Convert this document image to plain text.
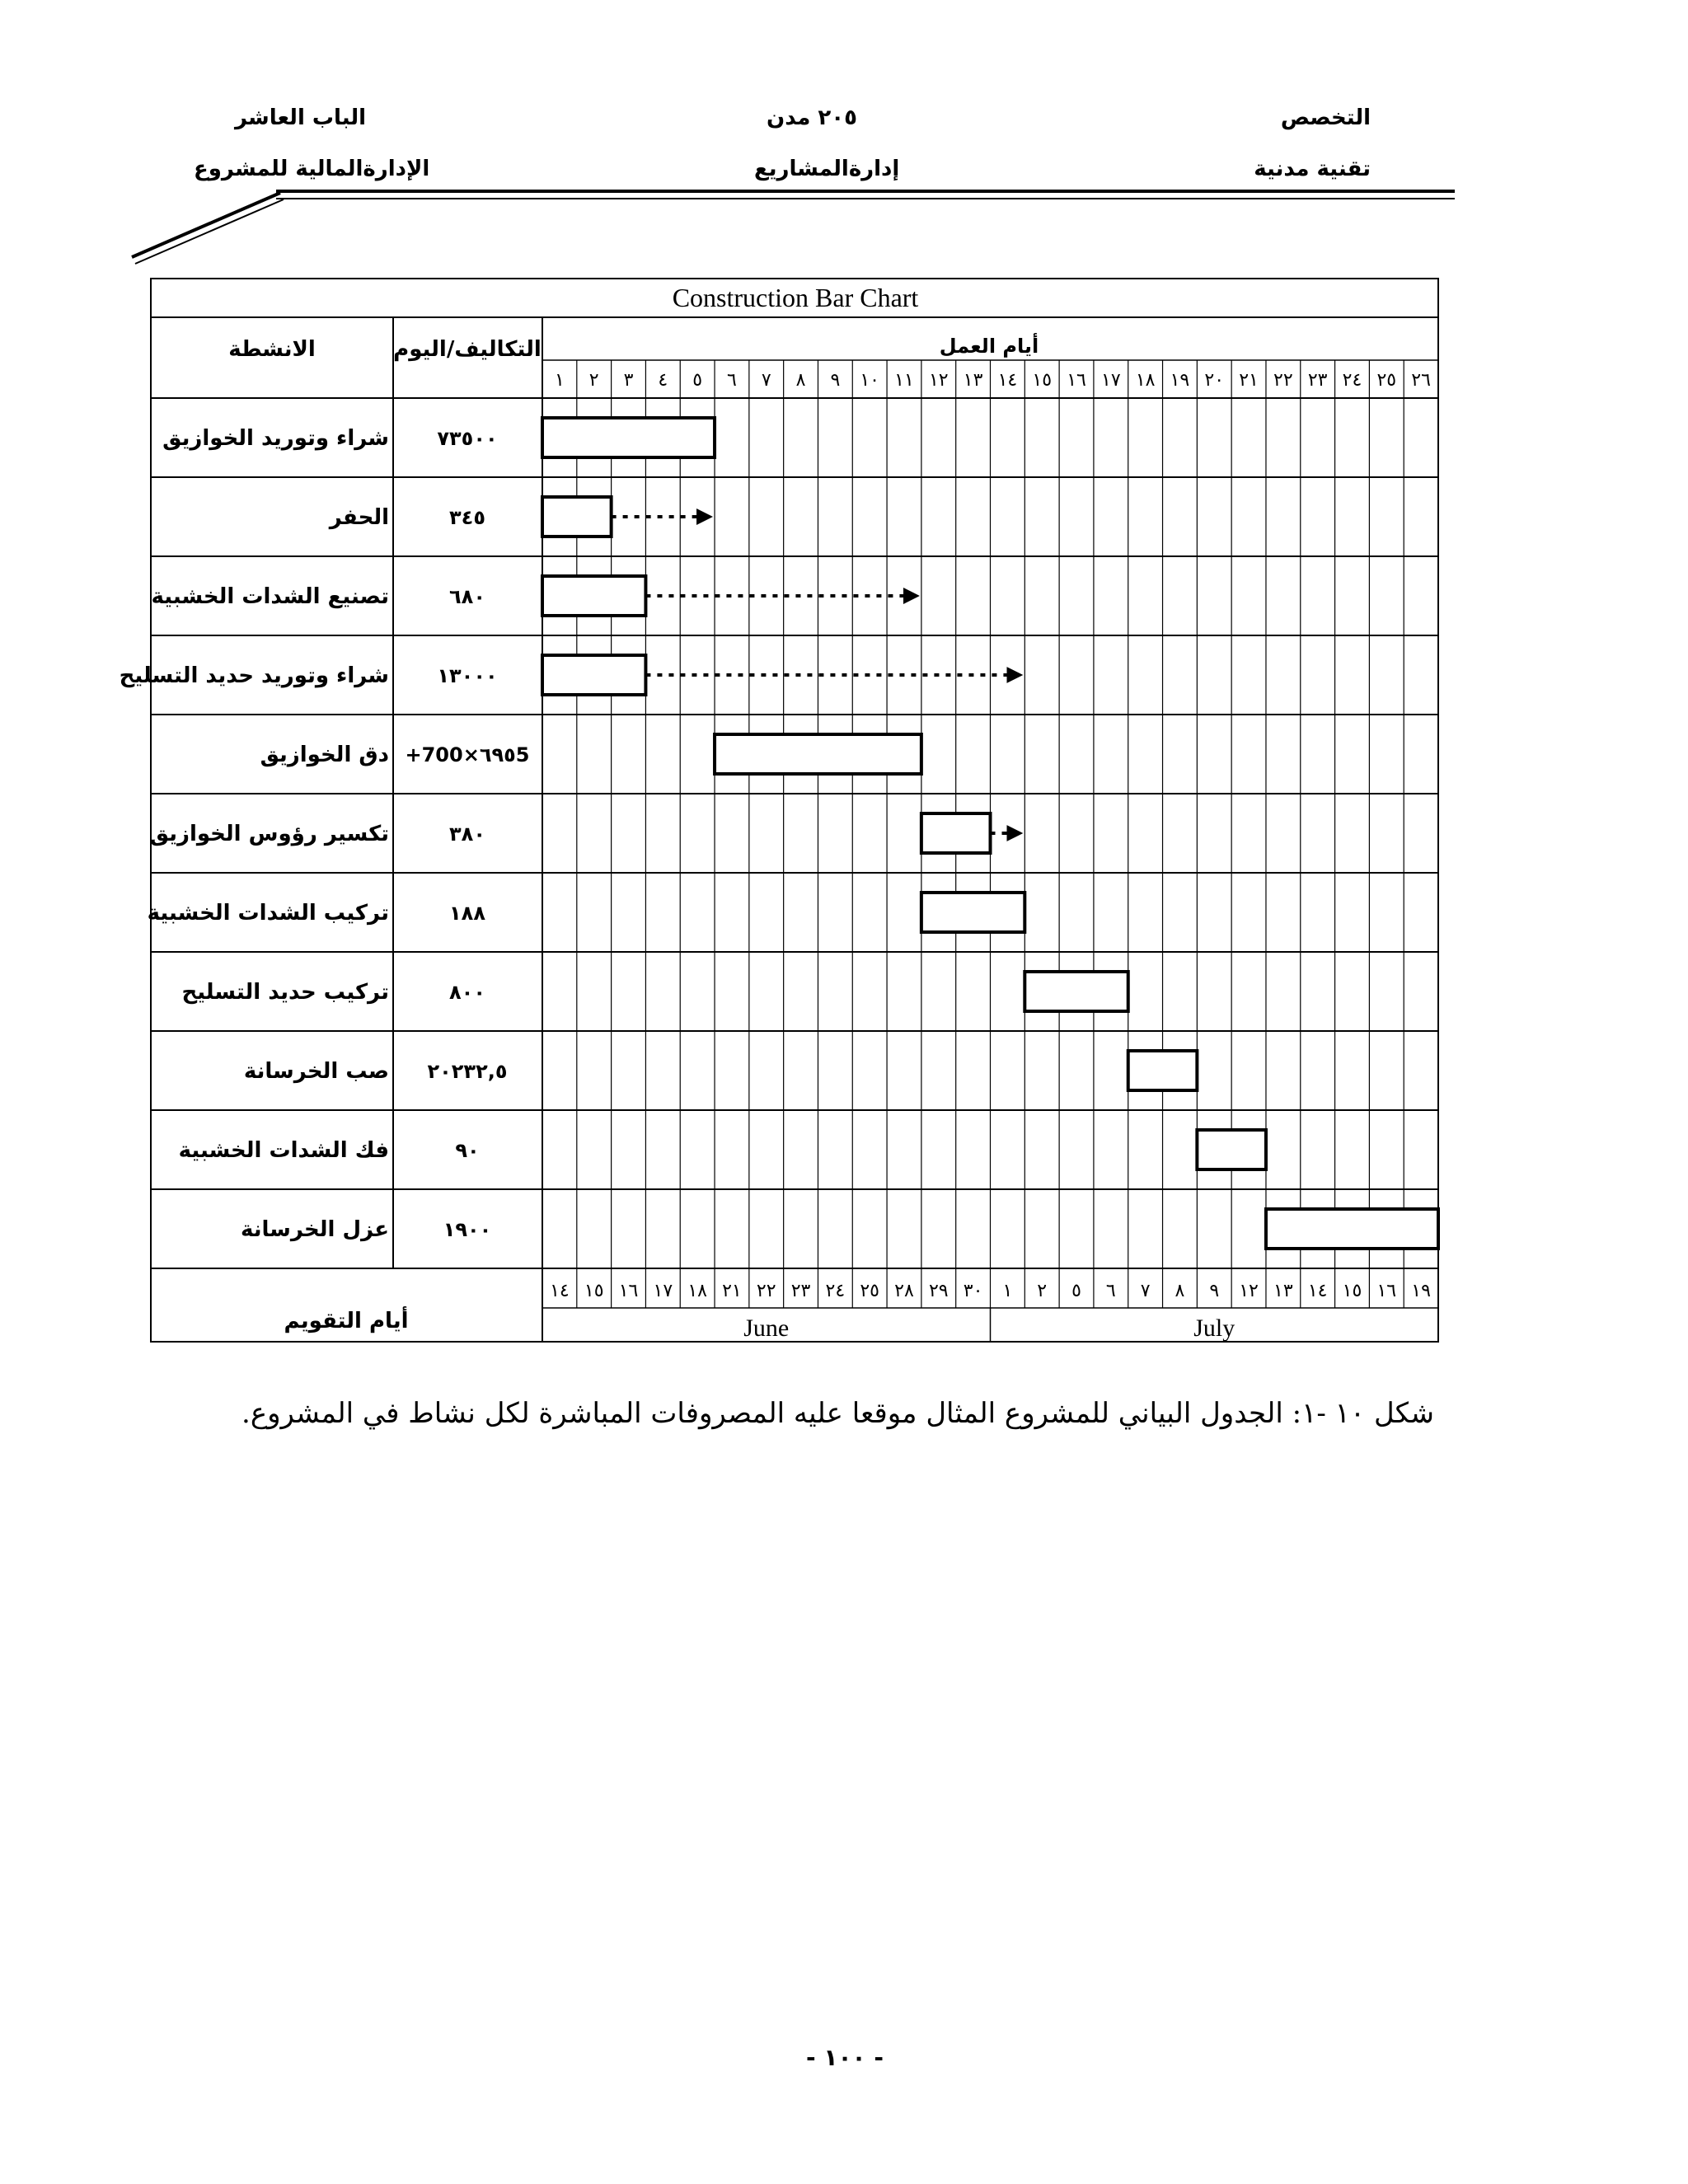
التخصص
تقنية مدنية
٢٠٥ مدن
إدارةالمشاريع
الباب العاشر
الإدارةالمالية للمشروع
Construction Bar Chart
الانشطة	التكاليف/اليوم	أيام العمل
١ ٢ ٣ ٤ ٥ ٦ ٧ ٨ ٩ ١٠ ١١ ١٢ ١٣ ١٤ ١٥ ١٦ ١٧ ١٨ ١٩ ٢٠ ٢١ ٢٢ ٢٣ ٢٤ ٢٥ ٢٦
شراء وتوريد الخوازيق ٧٣٥٠٠
الحفر	٣٤٥
تصنيع الشدات الخشبية	٦٨٠
شراء وتوريد حديد التسليح ١٣٠٠٠
دق الخوازيق +700×٦٩٥5
تكسير رؤوس الخوازيق	٣٨٠
تركيب الشدات الخشبية	١٨٨
تركيب حديد التسليح	٨٠٠
صب الخرسانة ٢٠٢٣٢,٥
فك الشدات الخشبية	٩٠
عزل الخرسانة	١٩٠٠
أيام التقويم
١٤ ١٥ ١٦ ١٧ ١٨ ٢١ ٢٢ ٢٣ ٢٤ ٢٥ ٢٨ ٢٩ ٣٠ ١ ٢ ٥ ٦ ٧ ٨ ٩ ١٢ ١٣ ١٤ ١٥ ١٦ ١٩
June	July
شكل ١٠ -١: الجدول البياني للمشروع المثال موقعا عليه المصروفات المباشرة لكل نشاط في المشروع.
- ١٠٠ -
